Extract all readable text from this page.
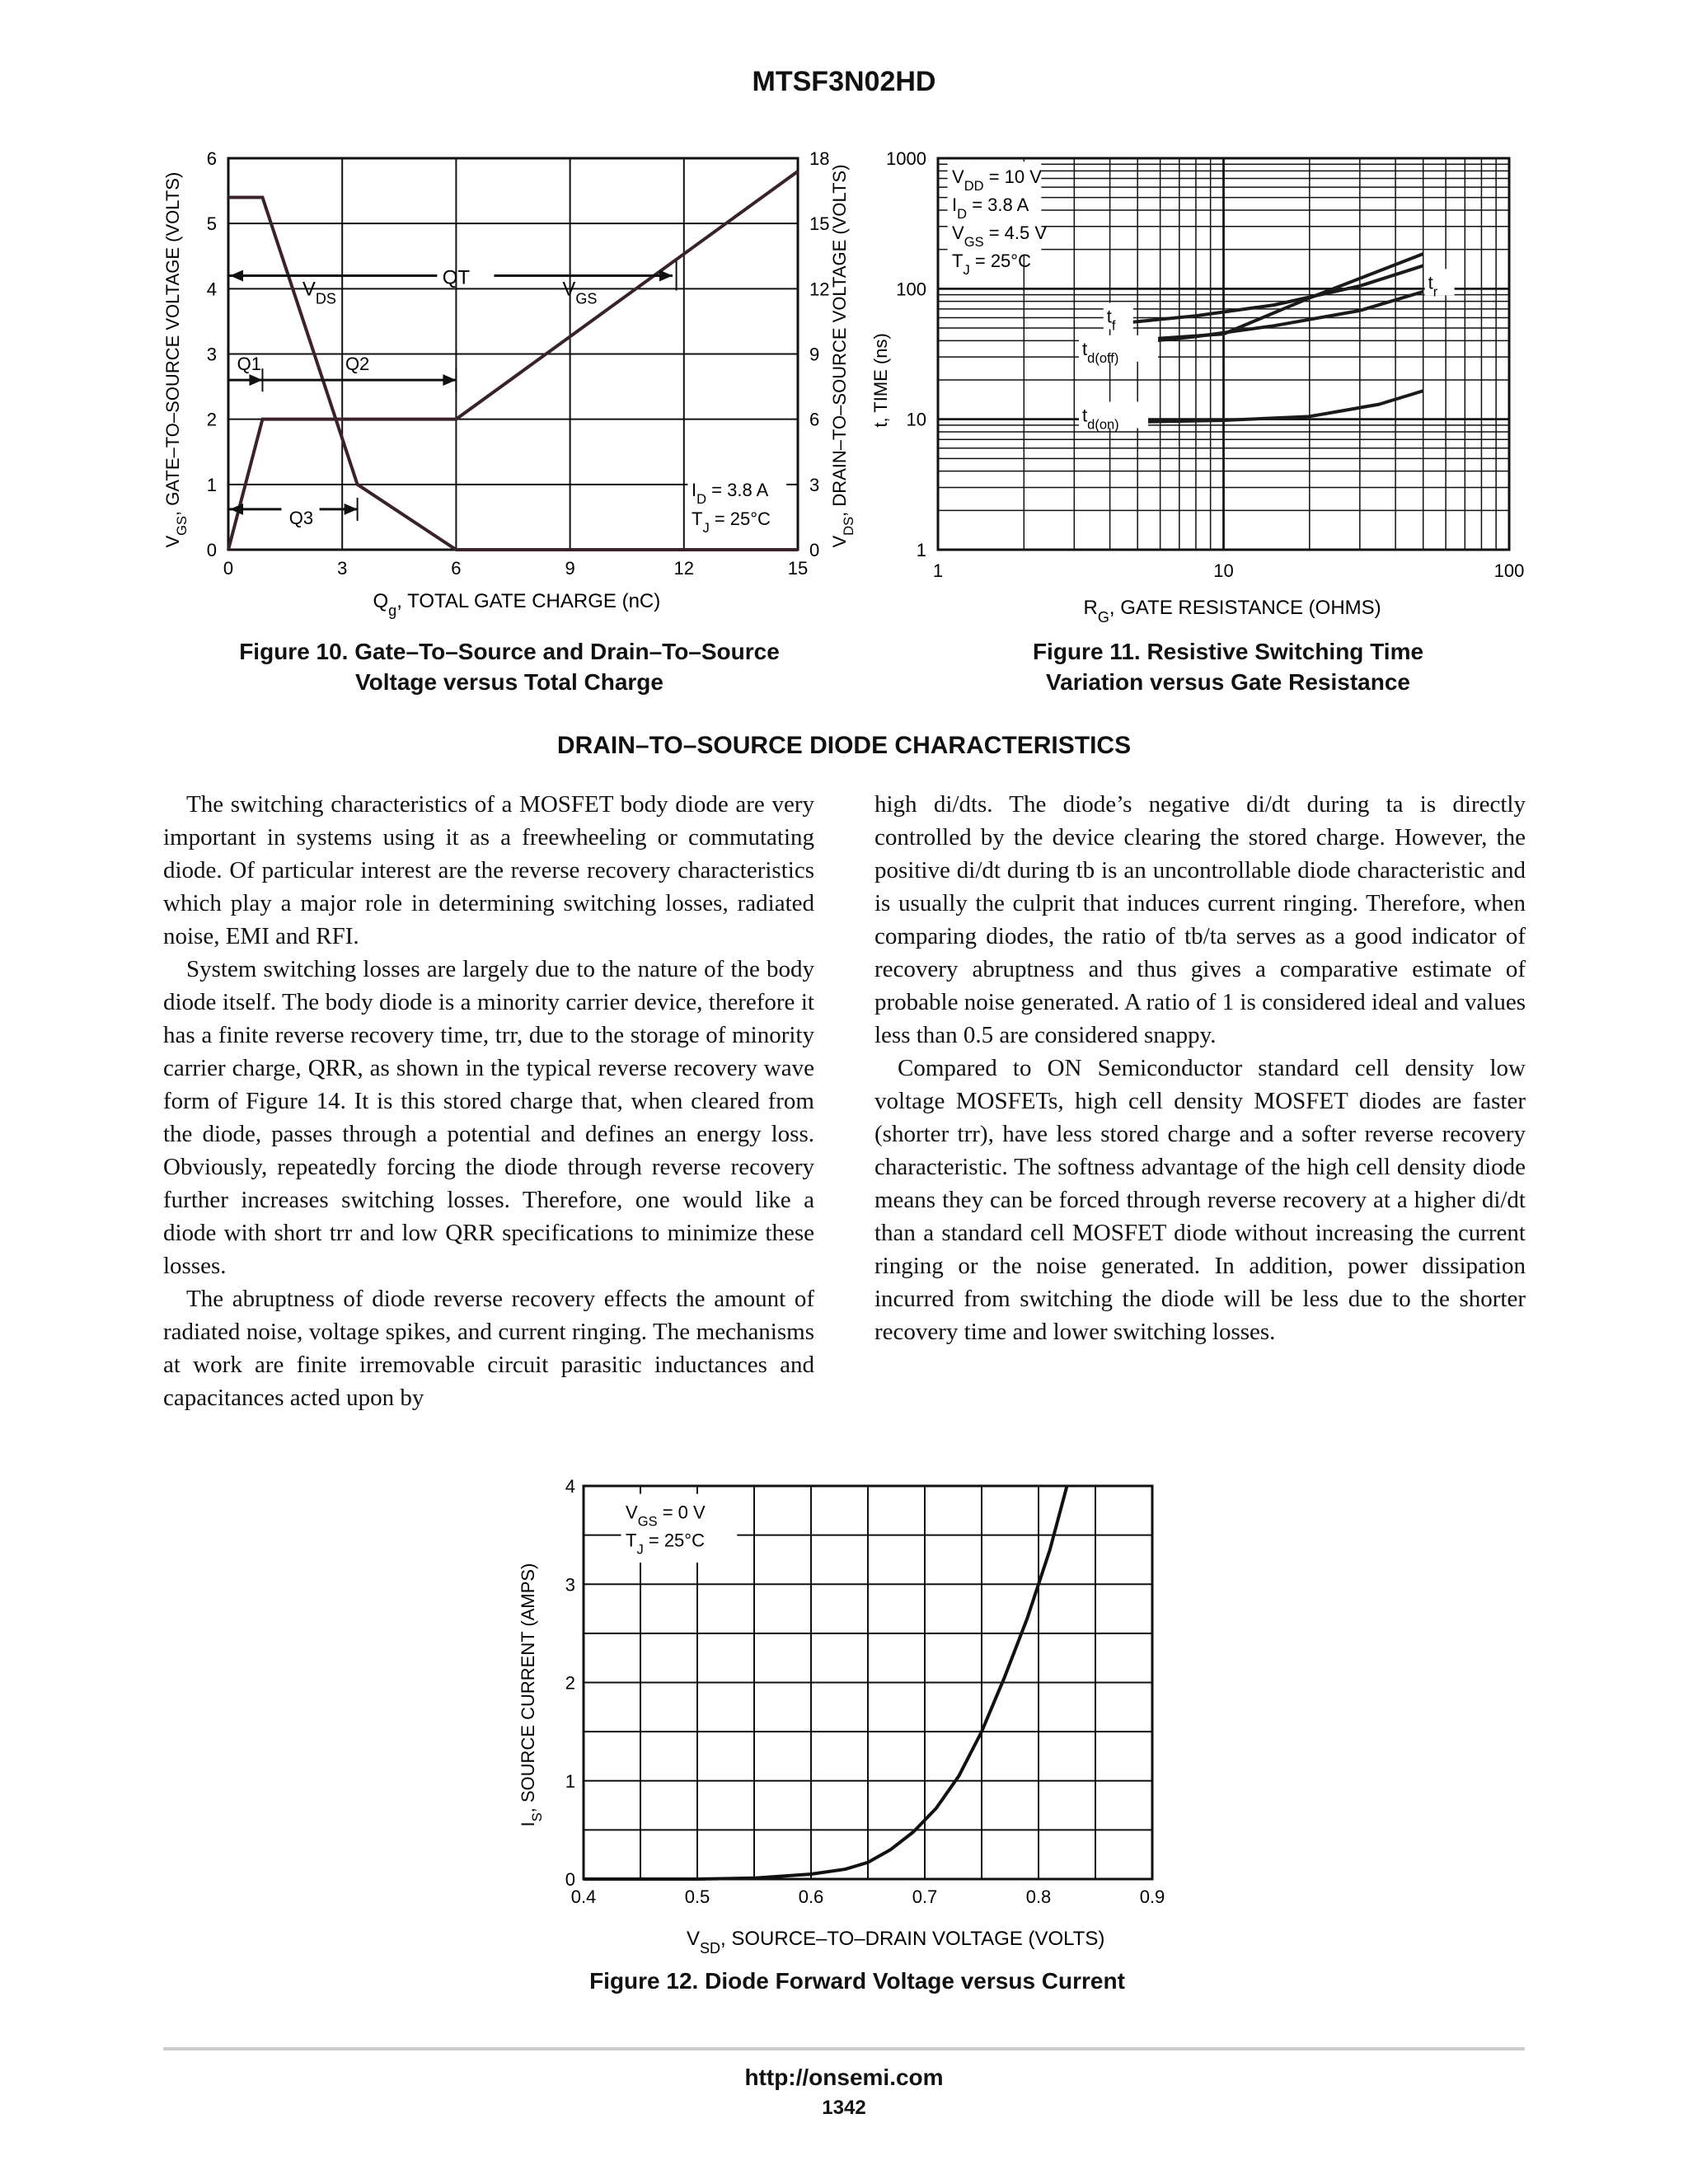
MTSF3N02HD
0	3	6	9	12	15
0
1
2
3
4
5
6
0
3
6
9
12
15
18
$Q_g$, TOTAL GATE CHARGE (nC)
$V_{GS}$, GATE–TO–SOURCE VOLTAGE (VOLTS)
$V_{DS}$, DRAIN–TO–SOURCE VOLTAGE (VOLTS)
QT
Q1	Q2
Q3
$V_{DS}$	$V_{GS}$
$I_D = 3.8$ A
$T_J = 25^\circ C$
1	10	100
1
10
100
1000
$R_G$, GATE RESISTANCE (OHMS)
t, TIME (ns)
$V_{DD} = 10$ V
$I_D = 3.8$ A
$V_{GS} = 4.5$ V
$T_J = 25^\circ C$
$t_r$
$t_f$
$t_{d(off)}$
$t_{d(on)}$
0.4	0.5	0.6	0.7	0.8	0.9
0
1
2
3
4
$V_{SD}$, SOURCE–TO–DRAIN VOLTAGE (VOLTS)
$I_S$, SOURCE CURRENT (AMPS)
$V_{GS} = 0$ V
$T_J = 25^\circ C$
Figure 10. Gate–To–Source and Drain–To–Source Voltage versus Total Charge
Figure 11. Resistive Switching Time Variation versus Gate Resistance
Figure 12. Diode Forward Voltage versus Current
DRAIN–TO–SOURCE DIODE CHARACTERISTICS

The switching characteristics of a MOSFET body diode are very important in systems using it as a freewheeling or commutating diode. Of particular interest are the reverse recovery characteristics which play a major role in determining switching losses, radiated noise, EMI and RFI.

System switching losses are largely due to the nature of the body diode itself. The body diode is a minority carrier device, therefore it has a finite reverse recovery time, trr, due to the storage of minority carrier charge, QRR, as shown in the typical reverse recovery wave form of Figure 14. It is this stored charge that, when cleared from the diode, passes through a potential and defines an energy loss. Obviously, repeatedly forcing the diode through reverse recovery further increases switching losses. Therefore, one would like a diode with short trr and low QRR specifications to minimize these losses.

The abruptness of diode reverse recovery effects the amount of radiated noise, voltage spikes, and current ringing. The mechanisms at work are finite irremovable circuit parasitic inductances and capacitances acted upon by

high di/dts. The diode’s negative di/dt during ta is directly controlled by the device clearing the stored charge. However, the positive di/dt during tb is an uncontrollable diode characteristic and is usually the culprit that induces current ringing. Therefore, when comparing diodes, the ratio of tb/ta serves as a good indicator of recovery abruptness and thus gives a comparative estimate of probable noise generated. A ratio of 1 is considered ideal and values less than 0.5 are considered snappy.

Compared to ON Semiconductor standard cell density low voltage MOSFETs, high cell density MOSFET diodes are faster (shorter trr), have less stored charge and a softer reverse recovery characteristic. The softness advantage of the high cell density diode means they can be forced through reverse recovery at a higher di/dt than a standard cell MOSFET diode without increasing the current ringing or the noise generated. In addition, power dissipation incurred from switching the diode will be less due to the shorter recovery time and lower switching losses.

http://onsemi.com
1342
